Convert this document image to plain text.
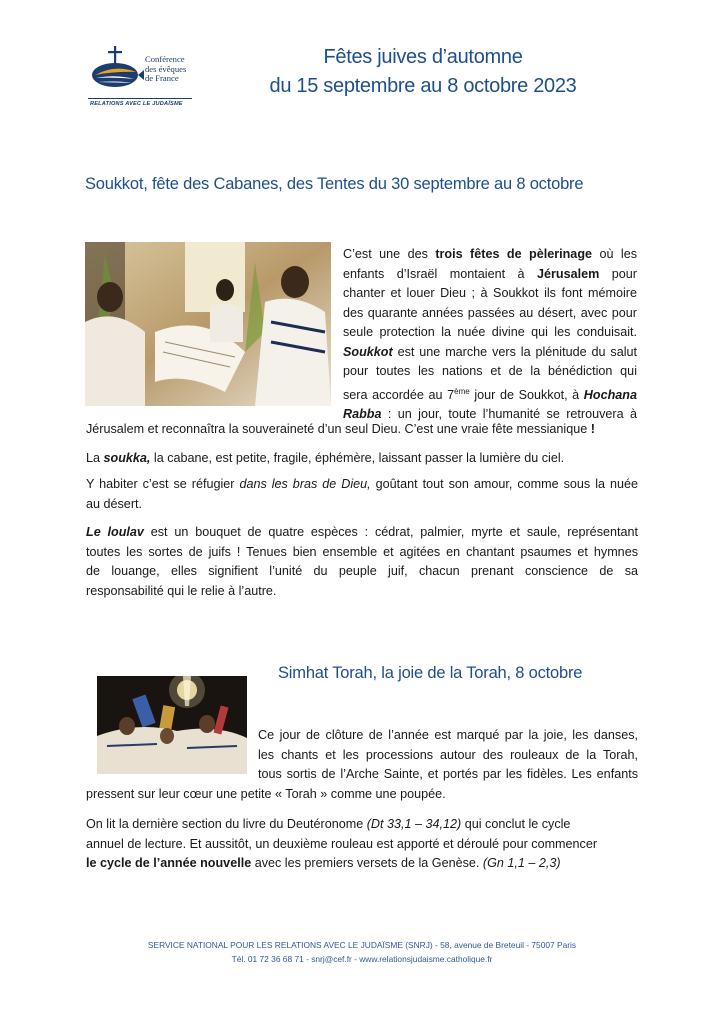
Conférence
des évêques
de France
RELATIONS AVEC LE JUDAÏSME
Fêtes juives d’automne
du 15 septembre au 8 octobre 2023
Soukkot, fête des Cabanes, des Tentes du 30 septembre au 8 octobre
C’est une des trois fêtes de pèlerinage où les
enfants d’Israël montaient à Jérusalem pour
chanter et louer Dieu ; à Soukkot ils font mémoire
des quarante années passées au désert, avec pour
seule protection la nuée divine qui les conduisait.
Soukkot est une marche vers la plénitude du salut
pour toutes les nations et de la bénédiction qui
sera accordée au 7ème jour de Soukkot, à Hochana
Rabba : un jour, toute l’humanité se retrouvera à
Jérusalem et reconnaîtra la souveraineté d’un seul Dieu. C’est une vraie fête messianique !
La soukka, la cabane, est petite, fragile, éphémère, laissant passer la lumière du ciel.
Y habiter c’est se réfugier dans les bras de Dieu, goûtant tout son amour, comme sous la nuée
au désert.
Le loulav est un bouquet de quatre espèces : cédrat, palmier, myrte et saule, représentant
toutes les sortes de juifs ! Tenues bien ensemble et agitées en chantant psaumes et hymnes
de louange, elles signifient l’unité du peuple juif, chacun prenant conscience de sa
responsabilité qui le relie à l’autre.
Simhat Torah, la joie de la Torah, 8 octobre
Ce jour de clôture de l’année est marqué par la joie, les danses,
les chants et les processions autour des rouleaux de la Torah,
tous sortis de l’Arche Sainte, et portés par les fidèles. Les enfants
pressent sur leur cœur une petite « Torah » comme une poupée.
On lit la dernière section du livre du Deutéronome (Dt 33,1 – 34,12) qui conclut le cycle
annuel de lecture. Et aussitôt, un deuxième rouleau est apporté et déroulé pour commencer
le cycle de l’année nouvelle avec les premiers versets de la Genèse. (Gn 1,1 – 2,3)
SERVICE NATIONAL POUR LES RELATIONS AVEC LE JUDAÏSME (SNRJ) - 58, avenue de Breteuil - 75007 Paris
Tél. 01 72 36 68 71 - snrj@cef.fr - www.relationsjudaisme.catholique.fr
